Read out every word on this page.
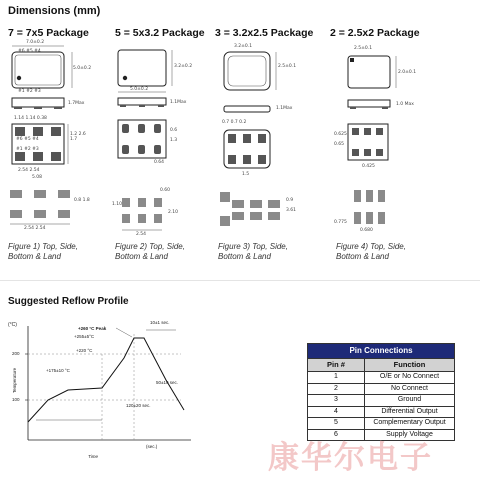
Dimensions (mm)
7 = 7x5 Package 5 = 5x3.2 Package 3 = 3.2x2.5 Package 2 = 2.5x2 Package
7.0±0.2
5.0±0.2
#6 #5 #4
#1 #2 #3
1.7Max
1.14 1.14 0.38
#6 #5 #4
#1 #2 #3
1.2 2.6 1.7
2.54 2.54
5.08
0.8 1.8
2.54 2.54
Figure 1) Top, Side,
Bottom & Land
3.2±0.2
5.0±0.2
1.1Max
0.6
1.3
0.64
0.60
1.10
2.10
2.54
Figure 2) Top, Side,
Bottom & Land
3.2±0.1
2.5±0.1
1.1Max
0.7 0.7 0.2
1.5
0.9
3.61
Figure 3) Top, Side,
Bottom & Land
2.5±0.1
2.0±0.1
1.0 Max
0.625
0.65
0.425
0.775
0.680
Figure 4) Top, Side,
Bottom & Land
Suggested Reflow Profile
(°C)
200
100
Temperature
Time
(sec.)
+260 °C Peak
+255±5°C
+220 °C
+175±10 °C
10±1 sec.
50±10 sec.
120±20 sec.
Pin Connections	
Pin #	Function
1	O/E or No Connect
2	No Connect
3	Ground
4	Differential Output
5	Complementary Output
6	Supply Voltage
康华尔电子
